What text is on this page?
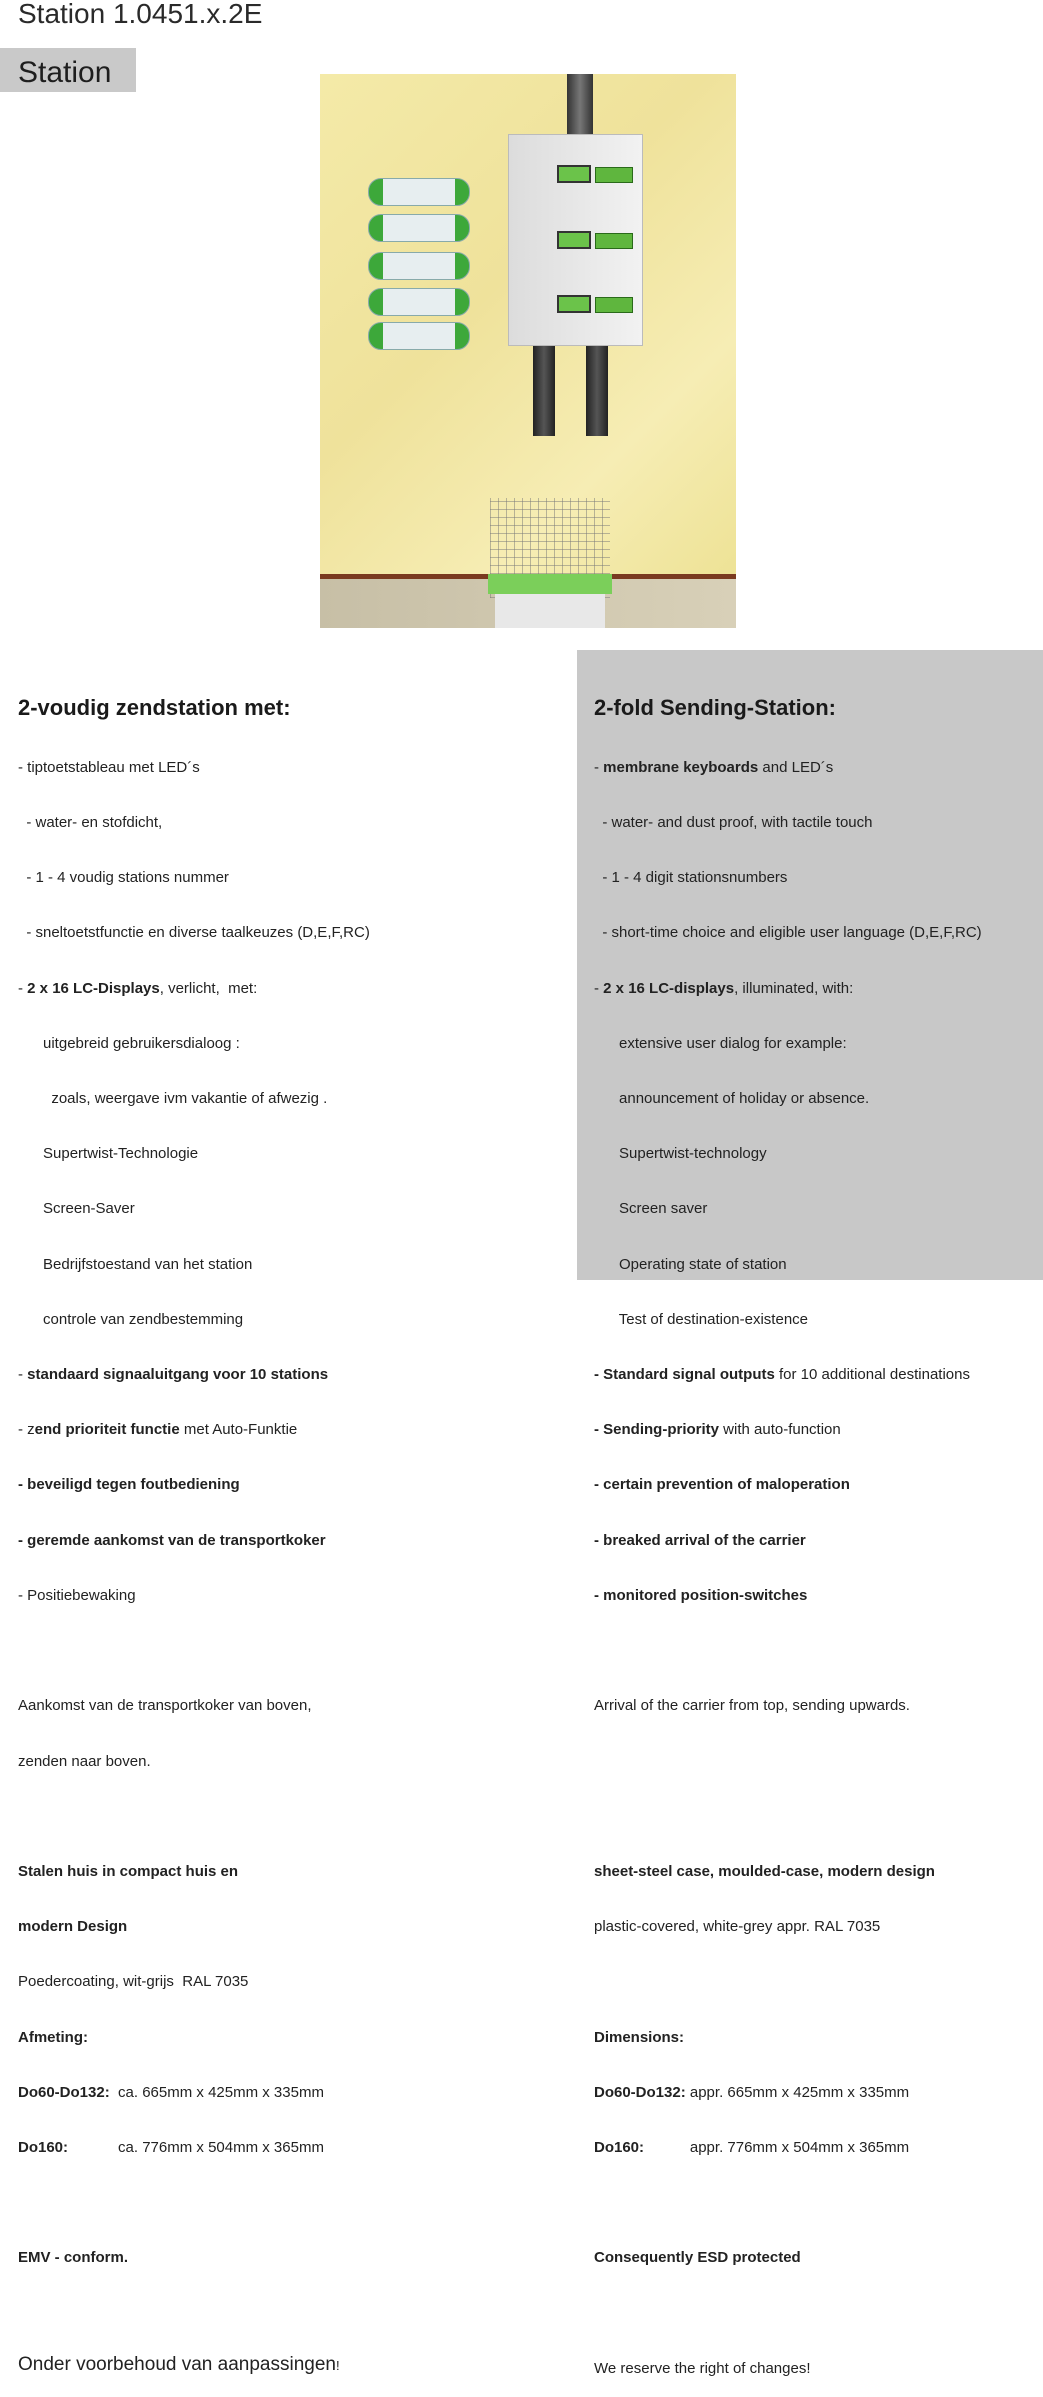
Station 1.0451.x.2E
Station

2-voudig zendstation met:

- tiptoetstableau met LED´s

- water- en stofdicht,

- 1 - 4 voudig stations nummer

- sneltoetstfunctie en diverse taalkeuzes (D,E,F,RC)

- 2 x 16 LC-Displays, verlicht,  met:

uitgebreid gebruikersdialoog :

zoals, weergave ivm vakantie of afwezig .

Supertwist-Technologie

Screen-Saver

Bedrijfstoestand van het station

controle van zendbestemming

- standaard signaaluitgang voor 10 stations

- zend prioriteit functie met Auto-Funktie

- beveiligd tegen foutbediening

- geremde aankomst van de transportkoker

- Positiebewaking

Aankomst van de transportkoker van boven,

zenden naar boven.

Stalen huis in compact huis en

modern Design

Poedercoating, wit-grijs  RAL 7035

Afmeting:

Do60-Do132:  ca. 665mm x 425mm x 335mm

Do160:            ca. 776mm x 504mm x 365mm

EMV - conform.

Onder voorbehoud van aanpassingen!

2-fold Sending-Station:

- membrane keyboards and LED´s

- water- and dust proof, with tactile touch

- 1 - 4 digit stationsnumbers

- short-time choice and eligible user language (D,E,F,RC)

- 2 x 16 LC-displays, illuminated, with:

extensive user dialog for example:

announcement of holiday or absence.

Supertwist-technology

Screen saver

Operating state of station

Test of destination-existence

- Standard signal outputs for 10 additional destinations

- Sending-priority with auto-function

- certain prevention of maloperation

- breaked arrival of the carrier

- monitored position-switches

Arrival of the carrier from top, sending upwards.

sheet-steel case, moulded-case, modern design

plastic-covered, white-grey appr. RAL 7035

Dimensions:

Do60-Do132: appr. 665mm x 425mm x 335mm

Do160:           appr. 776mm x 504mm x 365mm

Consequently ESD protected

We reserve the right of changes!
